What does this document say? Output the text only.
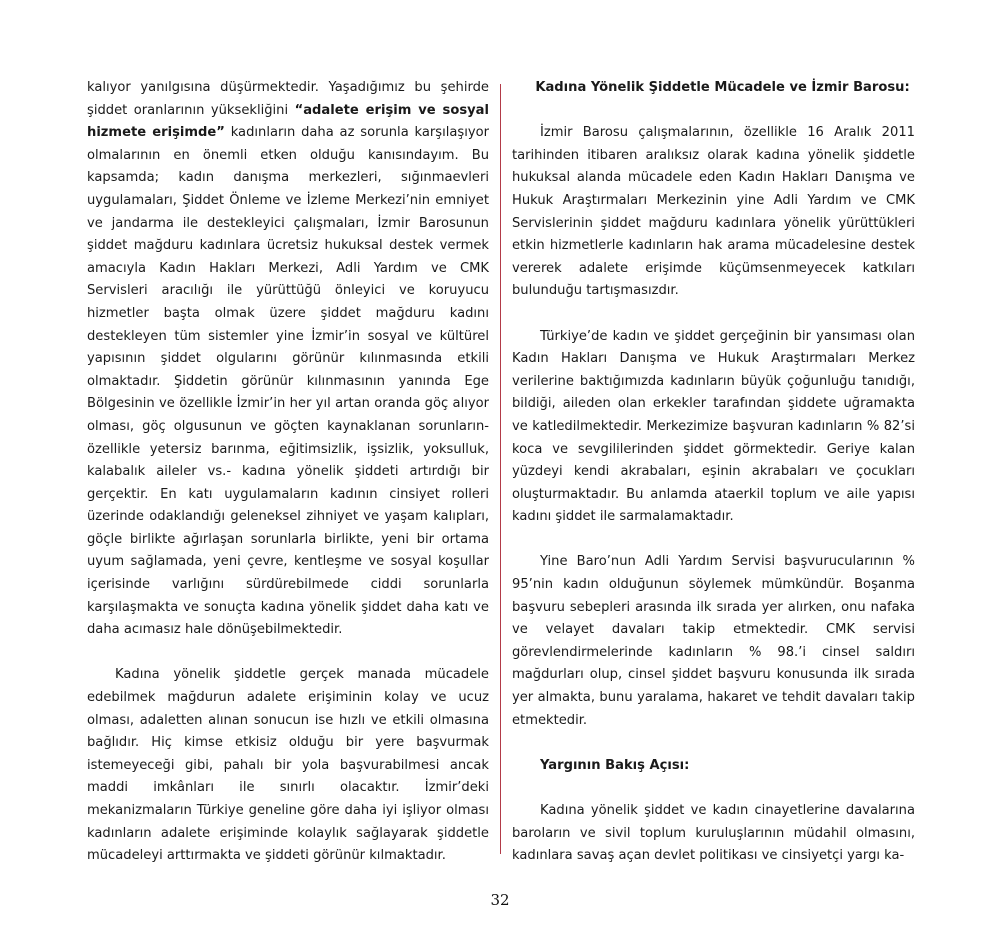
kalıyor yanılgısına düşürmektedir. Yaşadığımız bu şehirde şiddet oranlarının yüksekliğini “adalete erişim ve sosyal hizmete erişimde” kadınların daha az sorunla karşılaşıyor olmalarının en önemli etken olduğu kanısındayım. Bu kapsamda; kadın danışma merkezleri, sığınmaevleri uygulamaları, Şiddet Önleme ve İzleme Merkezi’nin emniyet ve jandarma ile destekleyici çalışmaları, İzmir Barosunun şiddet mağduru kadınlara ücretsiz hukuksal destek vermek amacıyla Kadın Hakları Merkezi, Adli Yardım ve CMK Servisleri aracılığı ile yürüttüğü önleyici ve koruyucu hizmetler başta olmak üzere şiddet mağduru kadını destekleyen tüm sistemler yine İzmir’in sosyal ve kültürel yapısının şiddet olgularını görünür kılınmasında etkili olmaktadır. Şiddetin görünür kılınmasının yanında Ege Bölgesinin ve özellikle İzmir’in her yıl artan oranda göç alıyor olması, göç olgusunun ve göçten kaynaklanan sorunların- özellikle yetersiz barınma, eğitimsizlik, işsizlik, yoksulluk, kalabalık aileler vs.- kadına yönelik şiddeti artırdığı bir gerçektir. En katı uygulamaların kadının cinsiyet rolleri üzerinde odaklandığı geleneksel zihniyet ve yaşam kalıpları, göçle birlikte ağırlaşan sorunlarla birlikte, yeni bir ortama uyum sağlamada, yeni çevre, kentleşme ve sosyal koşullar içerisinde varlığını sürdürebilmede ciddi sorunlarla karşılaşmakta ve sonuçta kadına yönelik şiddet daha katı ve daha acımasız hale dönüşebilmektedir.

Kadına yönelik şiddetle gerçek manada mücadele edebilmek mağdurun adalete erişiminin kolay ve ucuz olması, adaletten alınan sonucun ise hızlı ve etkili olmasına bağlıdır. Hiç kimse etkisiz olduğu bir yere başvurmak istemeyeceği gibi, pahalı bir yola başvurabilmesi ancak maddi imkânları ile sınırlı olacaktır. İzmir’deki mekanizmaların Türkiye geneline göre daha iyi işliyor olması kadınların adalete erişiminde kolaylık sağlayarak şiddetle mücadeleyi arttırmakta ve şiddeti görünür kılmaktadır.

Kadına Yönelik Şiddetle Mücadele ve İzmir Barosu:

İzmir Barosu çalışmalarının, özellikle 16 Aralık 2011 tarihinden itibaren aralıksız olarak kadına yönelik şiddetle hukuksal alanda mücadele eden Kadın Hakları Danışma ve Hukuk Araştırmaları Merkezinin yine Adli Yardım ve CMK Servislerinin şiddet mağduru kadınlara yönelik yürüttükleri etkin hizmetlerle kadınların hak arama mücadelesine destek vererek adalete erişimde küçümsenmeyecek katkıları bulunduğu tartışmasızdır.

Türkiye’de kadın ve şiddet gerçeğinin bir yansıması olan Kadın Hakları Danışma ve Hukuk Araştırmaları Merkez verilerine baktığımızda kadınların büyük çoğunluğu tanıdığı, bildiği, aileden olan erkekler tarafından şiddete uğramakta ve katledilmektedir. Merkezimize başvuran kadınların % 82’si koca ve sevgililerinden şiddet görmektedir. Geriye kalan yüzdeyi kendi akrabaları, eşinin akrabaları ve çocukları oluşturmaktadır. Bu anlamda ataerkil toplum ve aile yapısı kadını şiddet ile sarmalamaktadır.

Yine Baro’nun Adli Yardım Servisi başvurucularının % 95’nin kadın olduğunun söylemek mümkündür. Boşanma başvuru sebepleri arasında ilk sırada yer alırken, onu nafaka ve velayet davaları takip etmektedir. CMK servisi görevlendirmelerinde kadınların % 98.’i cinsel saldırı mağdurları olup, cinsel şiddet başvuru konusunda ilk sırada yer almakta, bunu yaralama, hakaret ve tehdit davaları takip etmektedir.

Yargının Bakış Açısı:

Kadına yönelik şiddet ve kadın cinayetlerine davalarına baroların ve sivil toplum kuruluşlarının müdahil olmasını, kadınlara savaş açan devlet politikası ve cinsiyetçi yargı ka-

32
